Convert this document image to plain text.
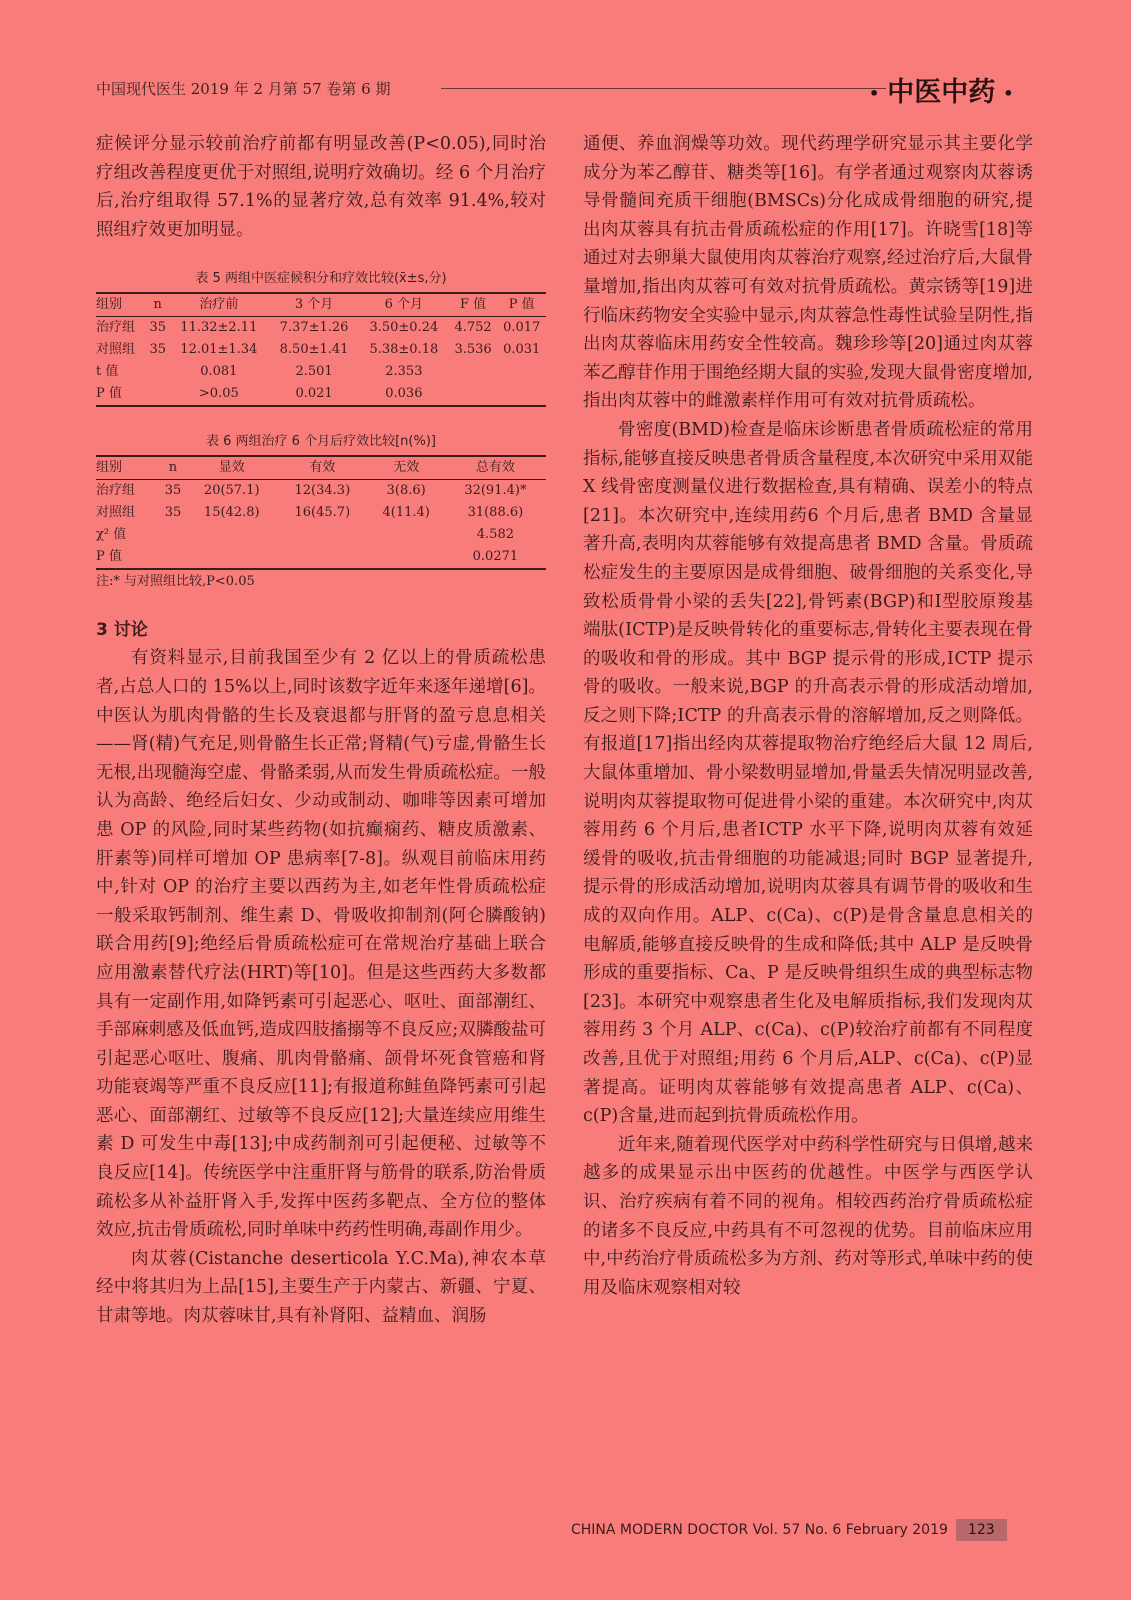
中国现代医生 2019 年 2 月第 57 卷第 6 期	• 中医中药 •

症候评分显示较前治疗前都有明显改善(P<0.05),同时治疗组改善程度更优于对照组,说明疗效确切。经 6 个月治疗后,治疗组取得 57.1%的显著疗效,总有效率 91.4%,较对照组疗效更加明显。

表 5 两组中医症候积分和疗效比较(x̄±s,分)
组别	n	治疗前	3 个月	6 个月	F 值	P 值
治疗组	35	11.32±2.11	7.37±1.26	3.50±0.24	4.752	0.017
对照组	35	12.01±1.34	8.50±1.41	5.38±0.18	3.536	0.031
t 值		0.081	2.501	2.353		
P 值		>0.05	0.021	0.036		
表 6 两组治疗 6 个月后疗效比较[n(%)]
组别	n	显效	有效	无效	总有效
治疗组	35	20(57.1)	12(34.3)	3(8.6)	32(91.4)*
对照组	35	15(42.8)	16(45.7)	4(11.4)	31(88.6)
χ² 值					4.582
P 值					0.0271
注:* 与对照组比较,P<0.05
3 讨论

有资料显示,目前我国至少有 2 亿以上的骨质疏松患者,占总人口的 15%以上,同时该数字近年来逐年递增[6]。中医认为肌肉骨骼的生长及衰退都与肝肾的盈亏息息相关——肾(精)气充足,则骨骼生长正常;肾精(气)亏虚,骨骼生长无根,出现髓海空虚、骨骼柔弱,从而发生骨质疏松症。一般认为高龄、绝经后妇女、少动或制动、咖啡等因素可增加患 OP 的风险,同时某些药物(如抗癫痫药、糖皮质激素、肝素等)同样可增加 OP 患病率[7-8]。纵观目前临床用药中,针对 OP 的治疗主要以西药为主,如老年性骨质疏松症一般采取钙制剂、维生素 D、骨吸收抑制剂(阿仑膦酸钠)联合用药[9];绝经后骨质疏松症可在常规治疗基础上联合应用激素替代疗法(HRT)等[10]。但是这些西药大多数都具有一定副作用,如降钙素可引起恶心、呕吐、面部潮红、手部麻刺感及低血钙,造成四肢搐搦等不良反应;双膦酸盐可引起恶心呕吐、腹痛、肌肉骨骼痛、颌骨坏死食管癌和肾功能衰竭等严重不良反应[11];有报道称鲑鱼降钙素可引起恶心、面部潮红、过敏等不良反应[12];大量连续应用维生素 D 可发生中毒[13];中成药制剂可引起便秘、过敏等不良反应[14]。传统医学中注重肝肾与筋骨的联系,防治骨质疏松多从补益肝肾入手,发挥中医药多靶点、全方位的整体效应,抗击骨质疏松,同时单味中药药性明确,毒副作用少。

肉苁蓉(Cistanche deserticola Y.C.Ma),神农本草经中将其归为上品[15],主要生产于内蒙古、新疆、宁夏、甘肃等地。肉苁蓉味甘,具有补肾阳、益精血、润肠

通便、养血润燥等功效。现代药理学研究显示其主要化学成分为苯乙醇苷、糖类等[16]。有学者通过观察肉苁蓉诱导骨髓间充质干细胞(BMSCs)分化成成骨细胞的研究,提出肉苁蓉具有抗击骨质疏松症的作用[17]。许晓雪[18]等通过对去卵巢大鼠使用肉苁蓉治疗观察,经过治疗后,大鼠骨量增加,指出肉苁蓉可有效对抗骨质疏松。黄宗锈等[19]进行临床药物安全实验中显示,肉苁蓉急性毒性试验呈阴性,指出肉苁蓉临床用药安全性较高。魏珍珍等[20]通过肉苁蓉苯乙醇苷作用于围绝经期大鼠的实验,发现大鼠骨密度增加,指出肉苁蓉中的雌激素样作用可有效对抗骨质疏松。

骨密度(BMD)检查是临床诊断患者骨质疏松症的常用指标,能够直接反映患者骨质含量程度,本次研究中采用双能 X 线骨密度测量仪进行数据检查,具有精确、误差小的特点[21]。本次研究中,连续用药6 个月后,患者 BMD 含量显著升高,表明肉苁蓉能够有效提高患者 BMD 含量。骨质疏松症发生的主要原因是成骨细胞、破骨细胞的关系变化,导致松质骨骨小梁的丢失[22],骨钙素(BGP)和Ⅰ型胶原羧基端肽(ⅠCTP)是反映骨转化的重要标志,骨转化主要表现在骨的吸收和骨的形成。其中 BGP 提示骨的形成,ⅠCTP 提示骨的吸收。一般来说,BGP 的升高表示骨的形成活动增加,反之则下降;ⅠCTP 的升高表示骨的溶解增加,反之则降低。有报道[17]指出经肉苁蓉提取物治疗绝经后大鼠 12 周后,大鼠体重增加、骨小梁数明显增加,骨量丢失情况明显改善,说明肉苁蓉提取物可促进骨小梁的重建。本次研究中,肉苁蓉用药 6 个月后,患者ⅠCTP 水平下降,说明肉苁蓉有效延缓骨的吸收,抗击骨细胞的功能减退;同时 BGP 显著提升,提示骨的形成活动增加,说明肉苁蓉具有调节骨的吸收和生成的双向作用。ALP、c(Ca)、c(P)是骨含量息息相关的电解质,能够直接反映骨的生成和降低;其中 ALP 是反映骨形成的重要指标、Ca、P 是反映骨组织生成的典型标志物[23]。本研究中观察患者生化及电解质指标,我们发现肉苁蓉用药 3 个月 ALP、c(Ca)、c(P)较治疗前都有不同程度改善,且优于对照组;用药 6 个月后,ALP、c(Ca)、c(P)显著提高。证明肉苁蓉能够有效提高患者 ALP、c(Ca)、c(P)含量,进而起到抗骨质疏松作用。

近年来,随着现代医学对中药科学性研究与日俱增,越来越多的成果显示出中医药的优越性。中医学与西医学认识、治疗疾病有着不同的视角。相较西药治疗骨质疏松症的诸多不良反应,中药具有不可忽视的优势。目前临床应用中,中药治疗骨质疏松多为方剂、药对等形式,单味中药的使用及临床观察相对较

CHINA MODERN DOCTOR Vol. 57 No. 6 February 2019 123
